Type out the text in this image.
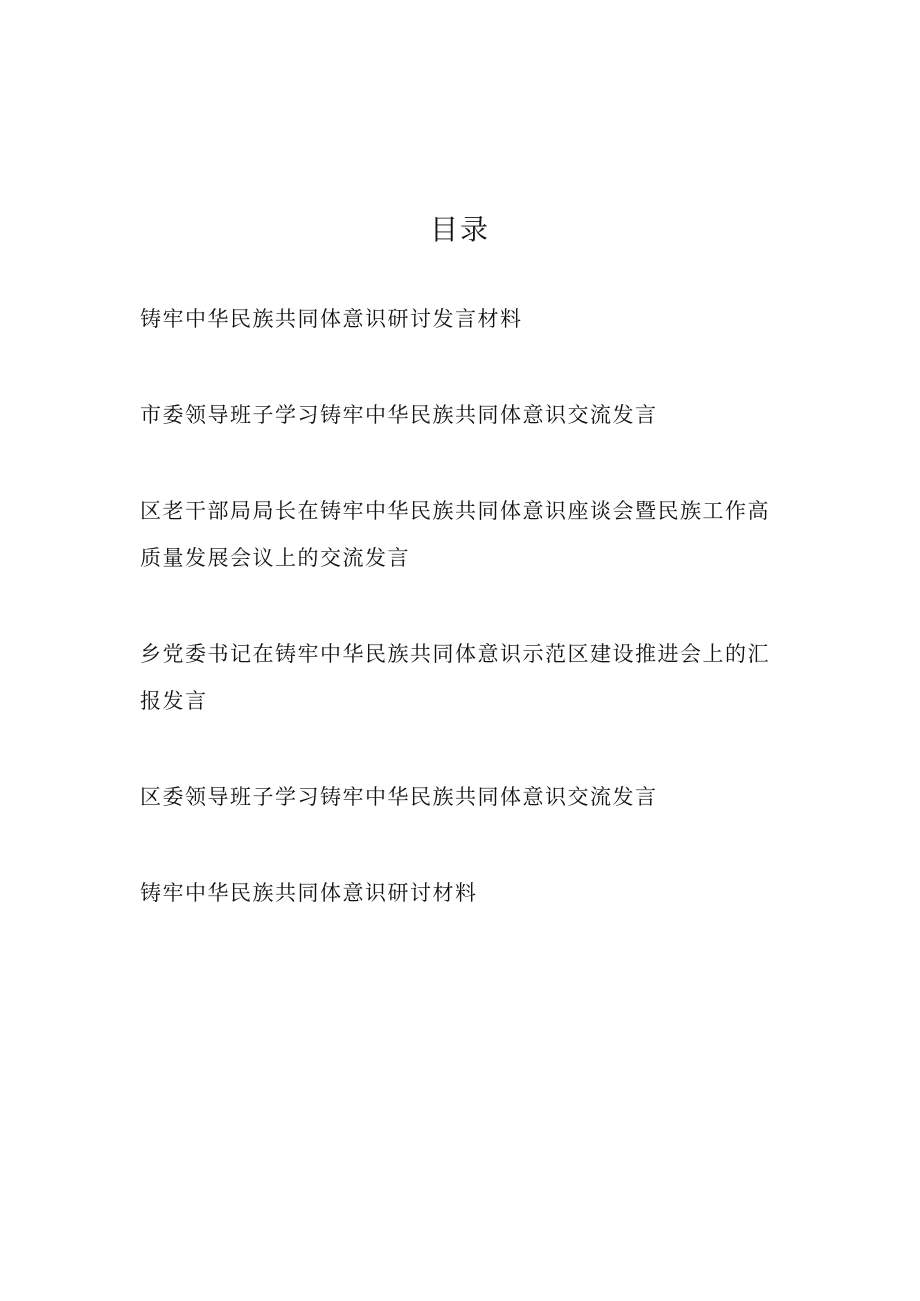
目录
铸牢中华民族共同体意识研讨发言材料
市委领导班子学习铸牢中华民族共同体意识交流发言
区老干部局局长在铸牢中华民族共同体意识座谈会暨民族工作高质量发展会议上的交流发言
乡党委书记在铸牢中华民族共同体意识示范区建设推进会上的汇报发言
区委领导班子学习铸牢中华民族共同体意识交流发言
铸牢中华民族共同体意识研讨材料
